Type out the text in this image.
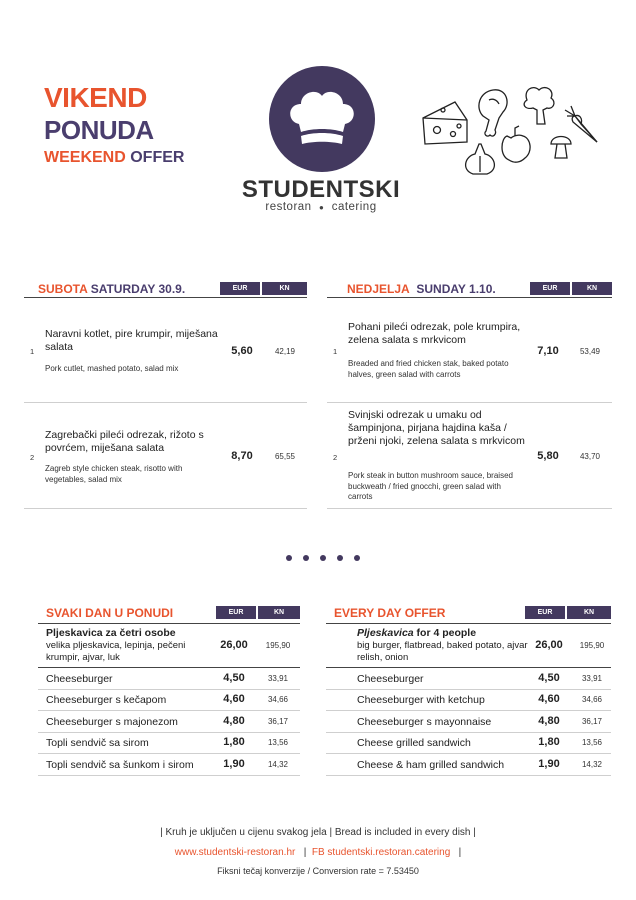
VIKEND
PONUDA
WEEKEND OFFER
STUDENTSKI
restoran ● catering
SUBOTA SATURDAY 30.9.	EUR	KN
1
Naravni kotlet, pire krumpir, miješana salata
Pork cutlet, mashed potato, salad mix
5,60	42,19
2
Zagrebački pileći odrezak, rižoto s povrćem, miješana salata
Zagreb style chicken steak, risotto with vegetables, salad mix
8,70	65,55
NEDJELJA SUNDAY 1.10.	EUR	KN
1
Pohani pileći odrezak, pole krumpira, zelena salata s mrkvicom
Breaded and fried chicken stak, baked potato halves, green salad with carrots
7,10	53,49
2
Svinjski odrezak u umaku od šampinjona, pirjana hajdina kaša / prženi njoki, zelena salata s mrkvicom
Pork steak in button mushroom sauce, braised buckweath / fried gnocchi, green salad with carrots
5,80	43,70
SVAKI DAN U PONUDI	EUR	KN
Pljeskavica za četri osobe
velika pljeskavica, lepinja, pečeni krumpir, ajvar, luk
26,00	195,90
Cheeseburger	4,50	33,91
Cheeseburger s kečapom	4,60	34,66
Cheeseburger s majonezom	4,80	36,17
Topli sendvič sa sirom	1,80	13,56
Topli sendvič sa šunkom i sirom	1,90	14,32
EVERY DAY OFFER	EUR	KN
Pljeskavica for 4 people
big burger, flatbread, baked potato, ajvar relish, onion
26,00	195,90
Cheeseburger	4,50	33,91
Cheeseburger with ketchup	4,60	34,66
Cheeseburger s mayonnaise	4,80	36,17
Cheese grilled sandwich	1,80	13,56
Cheese & ham grilled sandwich	1,90	14,32
| Kruh je uključen u cijenu svakog jela | Bread is included in every dish |
www.studentski-restoran.hr | FB studentski.restoran.catering |
Fiksni tečaj konverzije / Conversion rate = 7.53450
